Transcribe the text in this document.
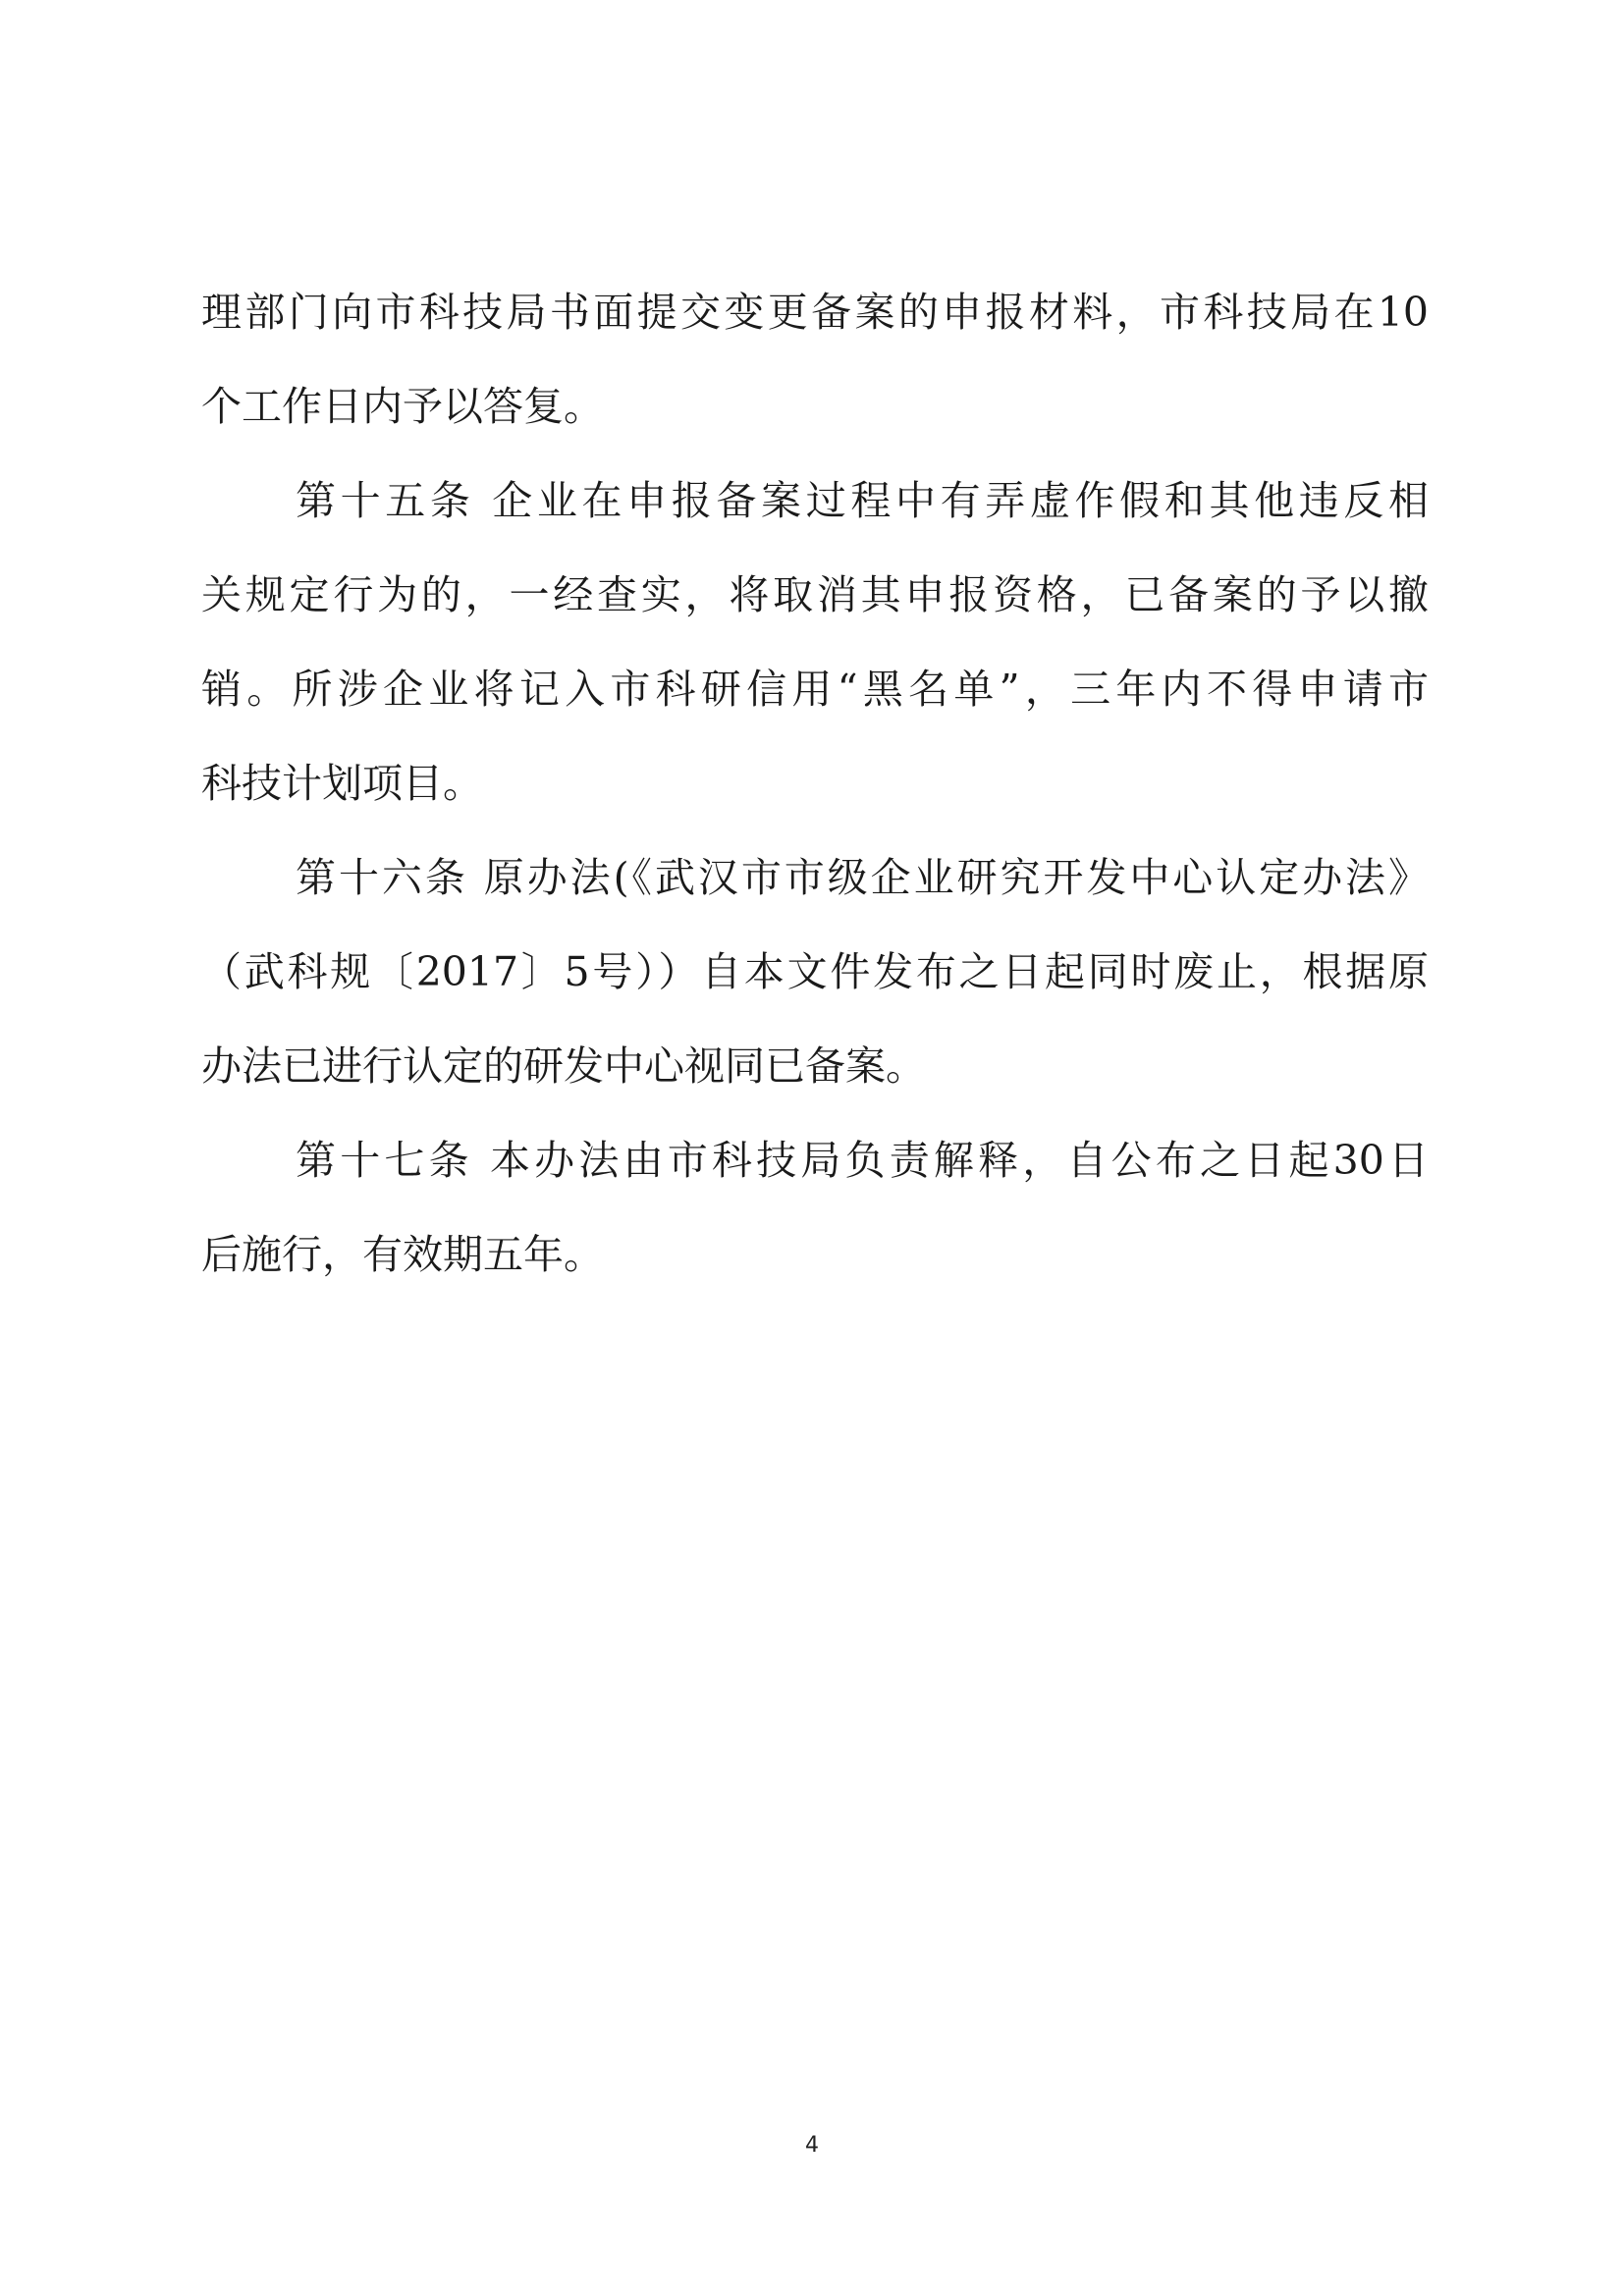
理部门向市科技局书面提交变更备案的申报材料，市科技局在10
个工作日内予以答复。
第十五条 企业在申报备案过程中有弄虚作假和其他违反相
关规定行为的，一经查实，将取消其申报资格，已备案的予以撤
销。所涉企业将记入市科研信用“黑名单”，三年内不得申请市
科技计划项目。
第十六条 原办法(《武汉市市级企业研究开发中心认定办法》
（武科规〔2017〕5号））自本文件发布之日起同时废止，根据原
办法已进行认定的研发中心视同已备案。
第十七条 本办法由市科技局负责解释，自公布之日起30日
后施行，有效期五年。
4
